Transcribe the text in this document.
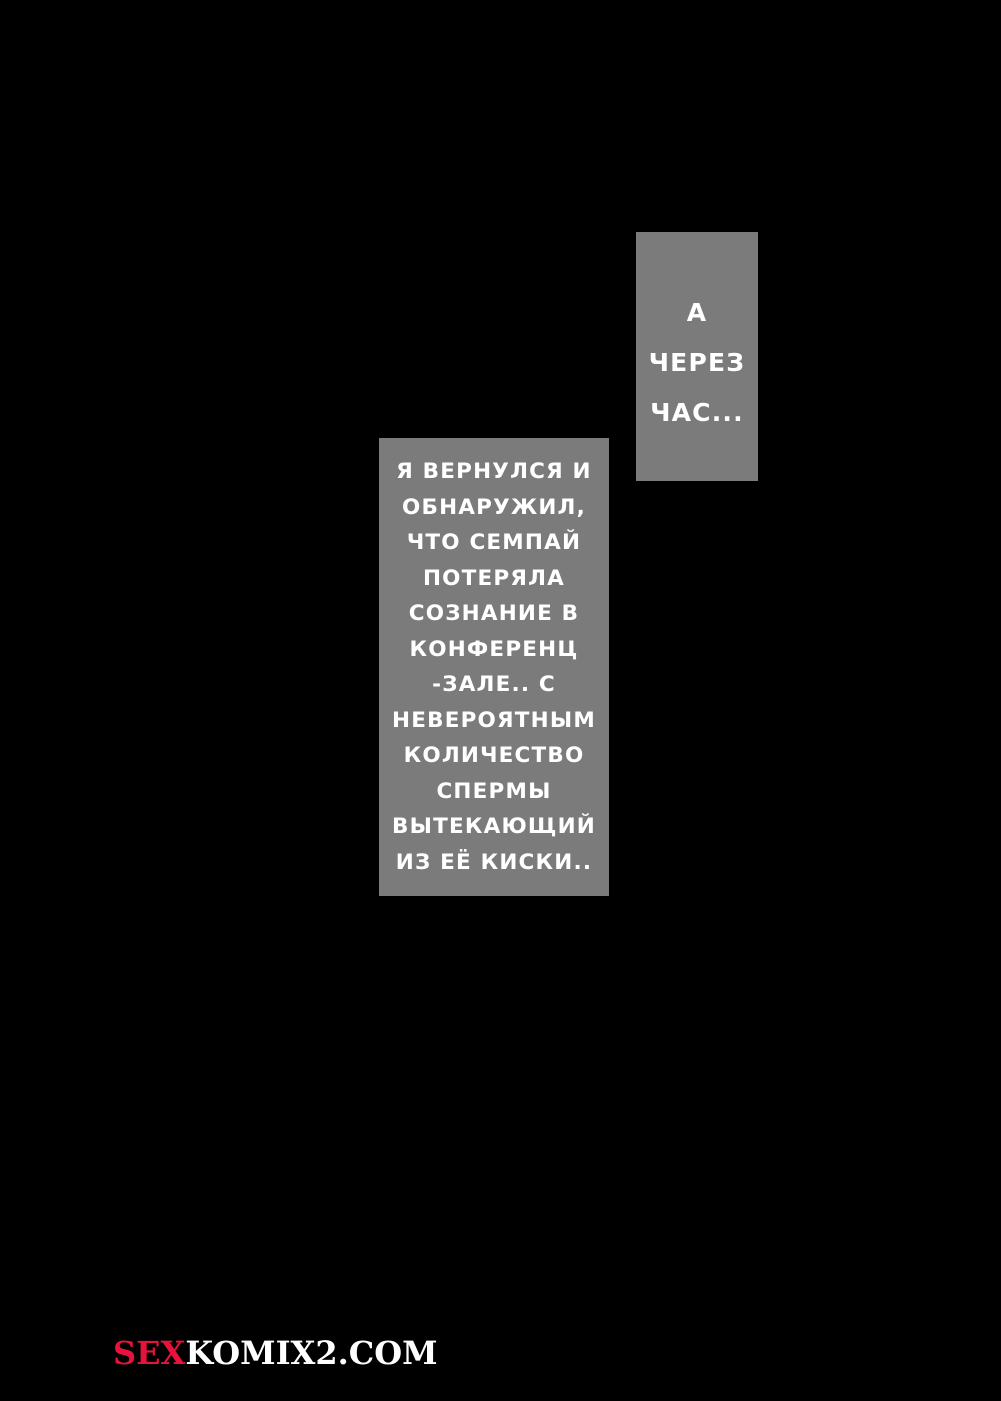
А
ЧЕРЕЗ
ЧАС...
Я ВЕРНУЛСЯ И
ОБНАРУЖИЛ,
ЧТО СЕМПАЙ
ПОТЕРЯЛА
СОЗНАНИЕ В
КОНФЕРЕНЦ
-ЗАЛЕ.. С
НЕВЕРОЯТНЫМ
КОЛИЧЕСТВО
СПЕРМЫ
ВЫТЕКАЮЩИЙ
ИЗ ЕЁ КИСКИ..
SEXKOMIX2.COM
